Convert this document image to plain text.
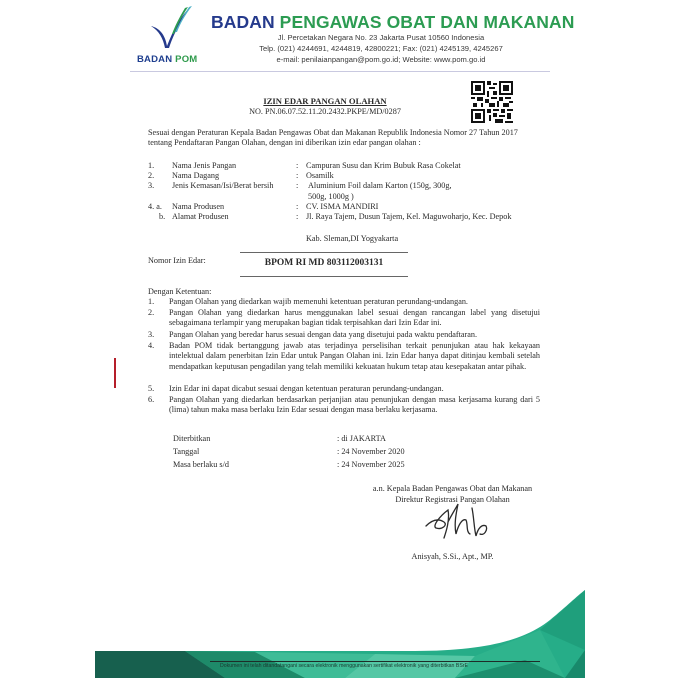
BADAN POM
BADAN PENGAWAS OBAT DAN MAKANAN
Jl. Percetakan Negara No. 23 Jakarta Pusat 10560 Indonesia
Telp. (021) 4244691, 4244819, 42800221; Fax: (021) 4245139, 4245267
e-mail: penilaianpangan@pom.go.id; Website: www.pom.go.id
IZIN EDAR PANGAN OLAHAN
NO. PN.06.07.52.11.20.2432.PKPE/MD/0287
Sesuai dengan Peraturan Kepala Badan Pengawas Obat dan Makanan Republik Indonesia Nomor 27 Tahun 2017 tentang Pendaftaran Pangan Olahan, dengan ini diberikan izin edar pangan olahan :
1. Nama Jenis Pangan	: Campuran Susu dan Krim Bubuk Rasa Cokelat
2. Nama Dagang	: Osamilk
3. Jenis Kemasan/Isi/Berat bersih	: Aluminium Foil dalam Karton (150g, 300g, 500g, 1000g )
4. a. Nama Produsen	: CV. ISMA MANDIRI
b. Alamat Produsen	: Jl. Raya Tajem, Dusun Tajem, Kel. Maguwoharjo, Kec. Depok
Kab. Sleman,DI Yogyakarta
Nomor Izin Edar:	BPOM RI MD 803112003131
Dengan Ketentuan:
1. Pangan Olahan yang diedarkan wajib memenuhi ketentuan peraturan perundang-undangan.
2. Pangan Olahan yang diedarkan harus menggunakan label sesuai dengan rancangan label yang disetujui sebagaimana terlampir yang merupakan bagian tidak terpisahkan dari Izin Edar ini.
3. Pangan Olahan yang beredar harus sesuai dengan data yang disetujui pada waktu pendaftaran.
4. Badan POM tidak bertanggung jawab atas terjadinya perselisihan terkait penunjukan atau hak kekayaan intelektual dalam penerbitan Izin Edar untuk Pangan Olahan ini. Izin Edar hanya dapat ditinjau kembali setelah mendapatkan keputusan pengadilan yang telah memiliki kekuatan hukum tetap atau kesepakatan antar pihak.
5. Izin Edar ini dapat dicabut sesuai dengan ketentuan peraturan perundang-undangan.
6. Pangan Olahan yang diedarkan berdasarkan perjanjian atau penunjukan dengan masa kerjasama kurang dari 5 (lima) tahun maka masa berlaku Izin Edar sesuai dengan masa berlaku kerjasama.
Diterbitkan	: di JAKARTA
Tanggal	: 24 November 2020
Masa berlaku s/d	: 24 November 2025
a.n. Kepala Badan Pengawas Obat dan Makanan
Direktur Registrasi Pangan Olahan
Anisyah, S.Si., Apt., MP.
Dokumen ini telah ditandatangani secara elektronik menggunakan sertifikat elektronik yang diterbitkan BSrE
